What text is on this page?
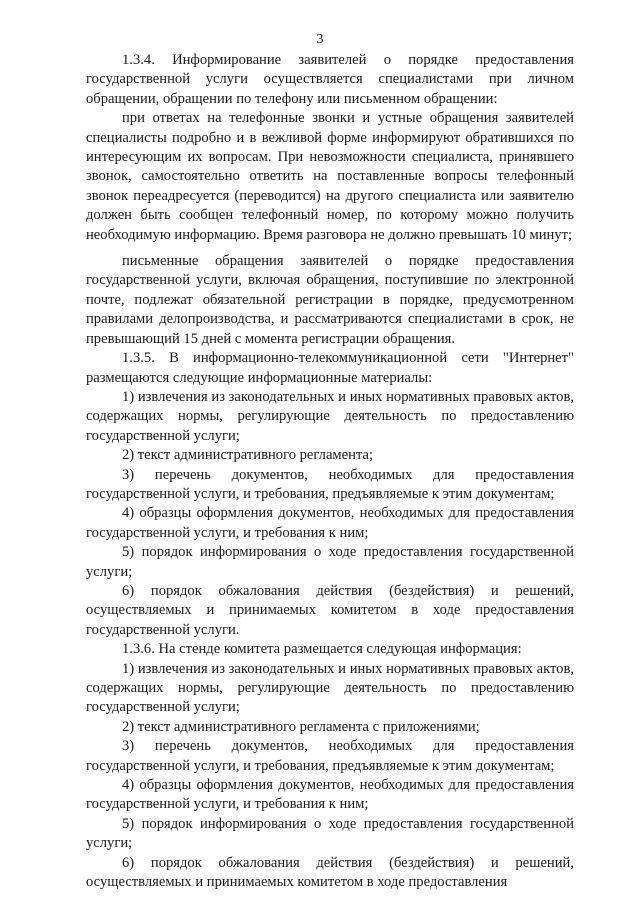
3

1.3.4. Информирование заявителей о порядке предоставления государственной услуги осуществляется специалистами при личном обращении, обращении по телефону или письменном обращении:

при ответах на телефонные звонки и устные обращения заявителей специалисты подробно и в вежливой форме информируют обратившихся по интересующим их вопросам. При невозможности специалиста, принявшего звонок, самостоятельно ответить на поставленные вопросы телефонный звонок переадресуется (переводится) на другого специалиста или заявителю должен быть сообщен телефонный номер, по которому можно получить необходимую информацию. Время разговора не должно превышать 10 минут;

письменные обращения заявителей о порядке предоставления государственной услуги, включая обращения, поступившие по электронной почте, подлежат обязательной регистрации в порядке, предусмотренном правилами делопроизводства, и рассматриваются специалистами в срок, не превышающий 15 дней с момента регистрации обращения.

1.3.5. В информационно-телекоммуникационной сети "Интернет" размещаются следующие информационные материалы:

1) извлечения из законодательных и иных нормативных правовых актов, содержащих нормы, регулирующие деятельность по предоставлению государственной услуги;

2) текст административного регламента;

3) перечень документов, необходимых для предоставления государственной услуги, и требования, предъявляемые к этим документам;

4) образцы оформления документов, необходимых для предоставления государственной услуги, и требования к ним;

5) порядок информирования о ходе предоставления государственной услуги;

6) порядок обжалования действия (бездействия) и решений, осуществляемых и принимаемых комитетом в ходе предоставления государственной услуги.

1.3.6. На стенде комитета размещается следующая информация:

1) извлечения из законодательных и иных нормативных правовых актов, содержащих нормы, регулирующие деятельность по предоставлению государственной услуги;

2) текст административного регламента с приложениями;

3) перечень документов, необходимых для предоставления государственной услуги, и требования, предъявляемые к этим документам;

4) образцы оформления документов, необходимых для предоставления государственной услуги, и требования к ним;

5) порядок информирования о ходе предоставления государственной услуги;

6) порядок обжалования действия (бездействия) и решений, осуществляемых и принимаемых комитетом в ходе предоставления
